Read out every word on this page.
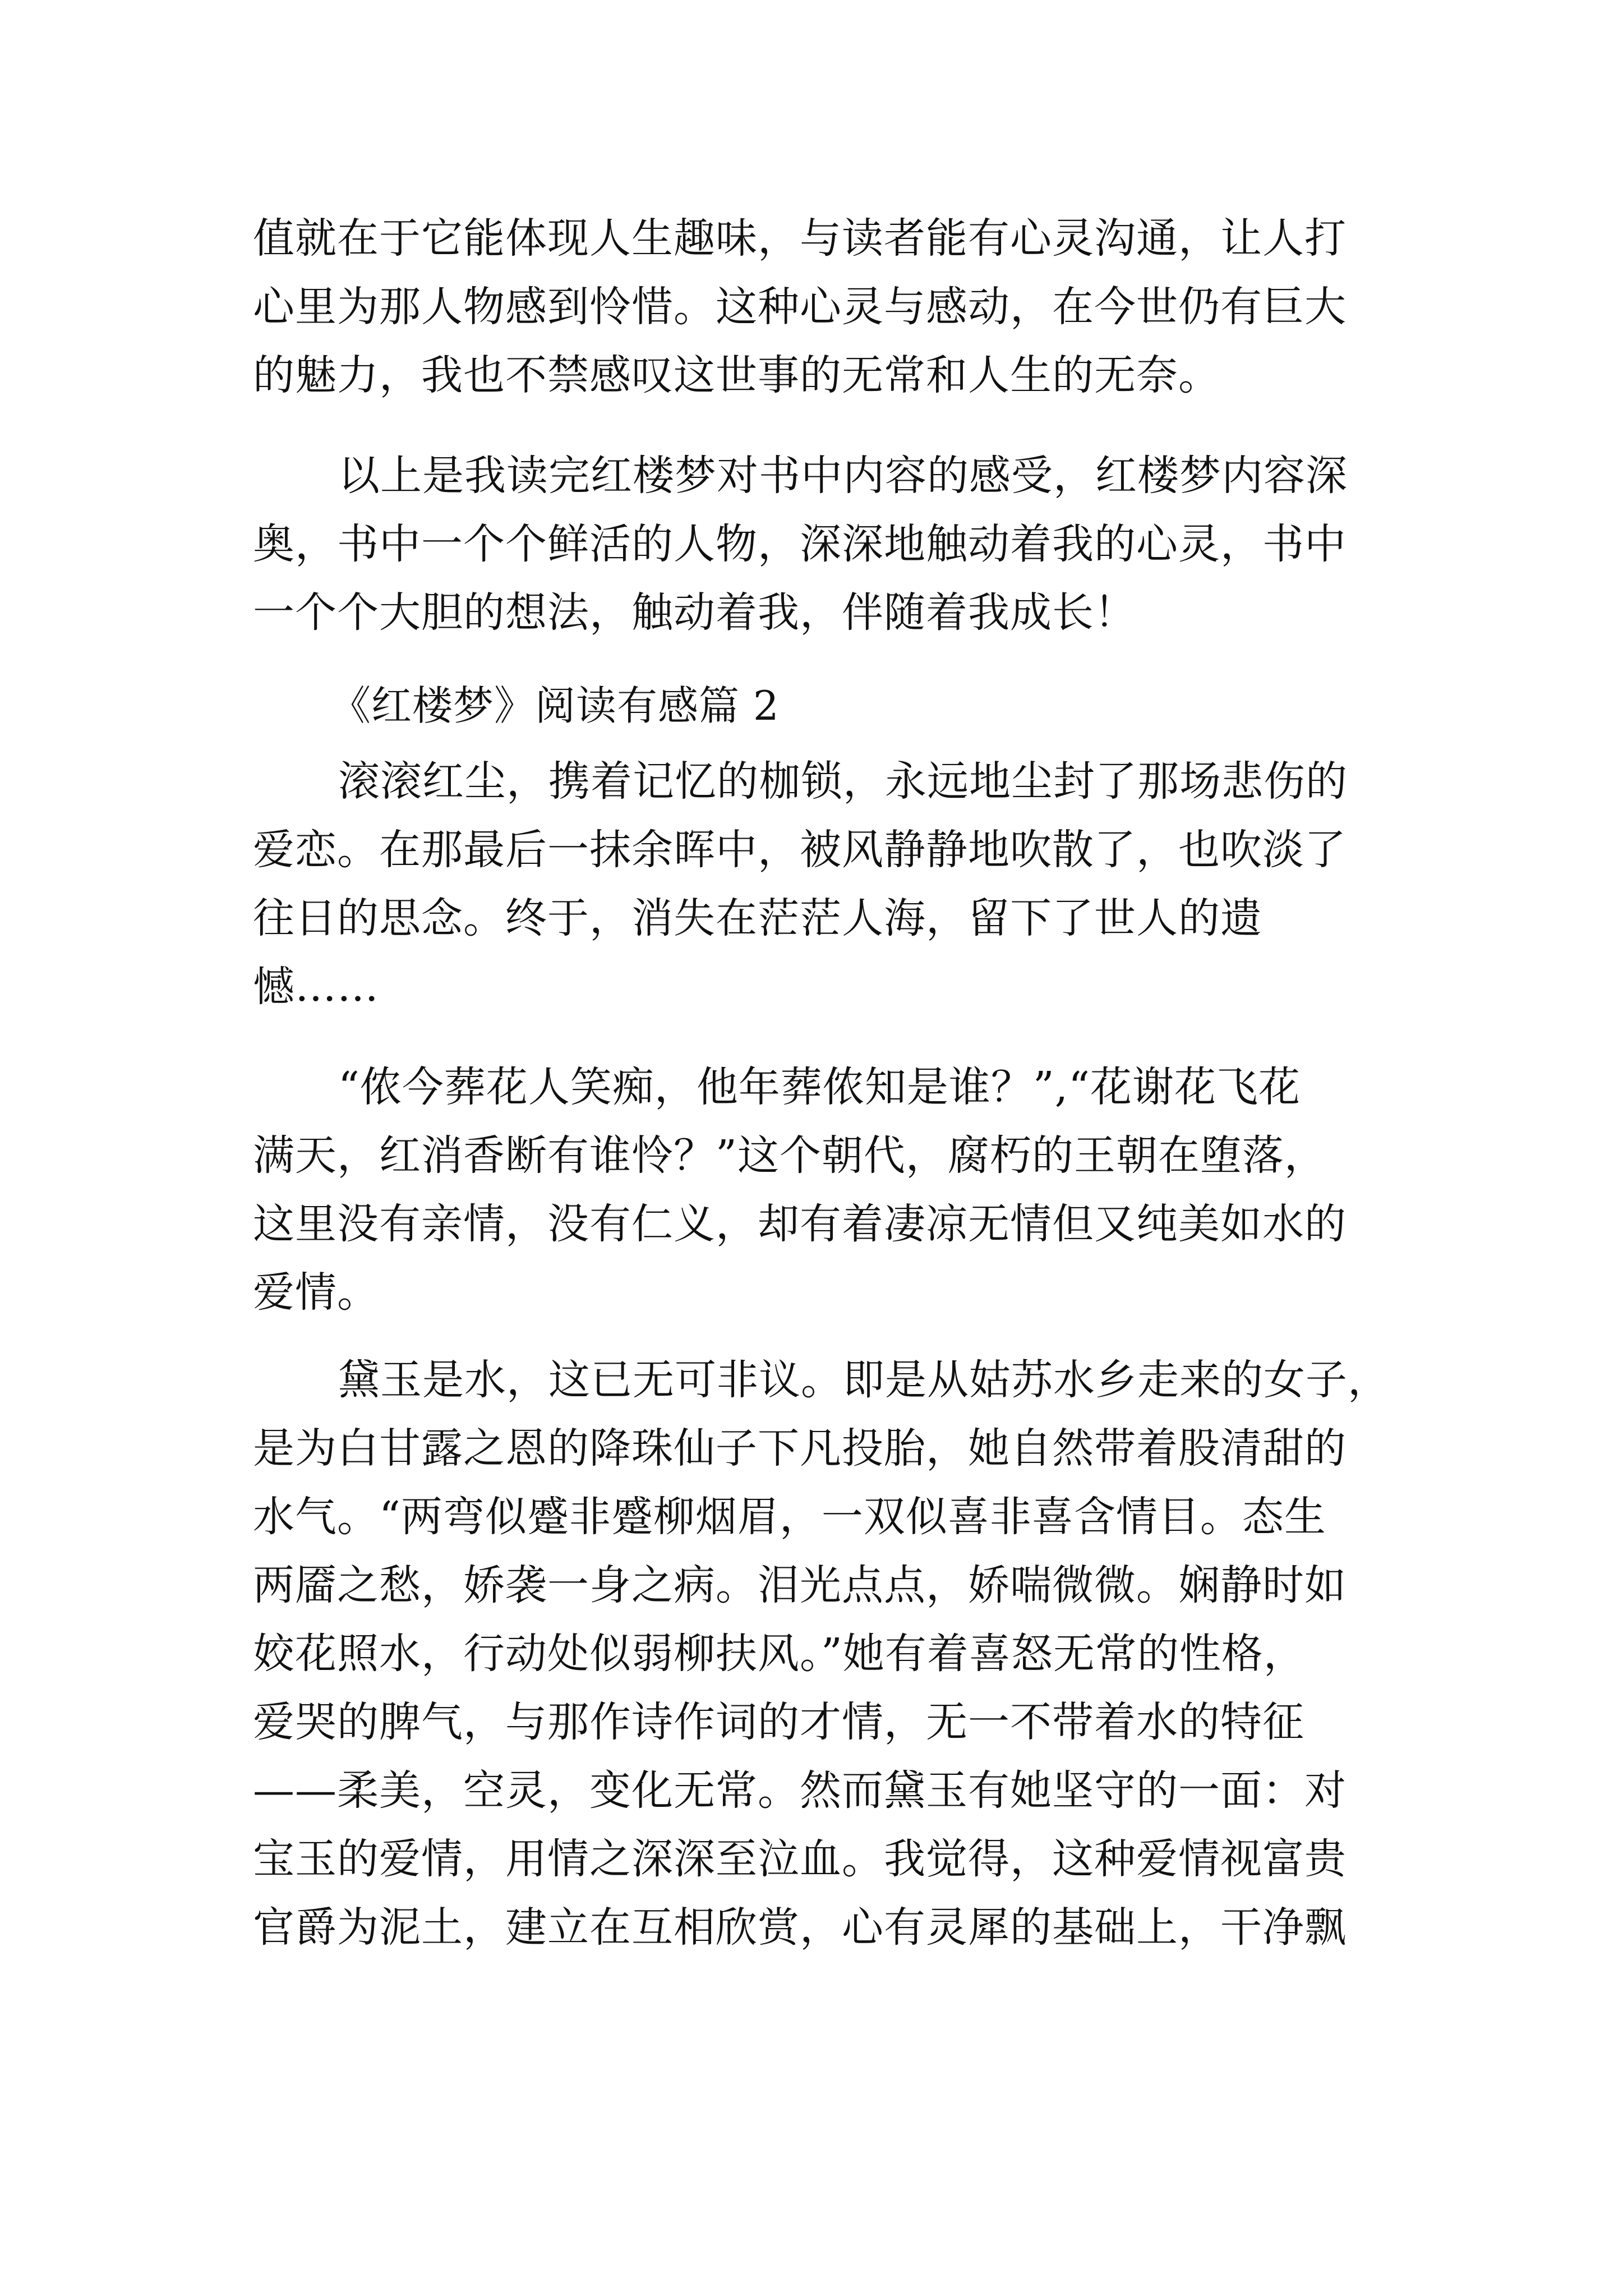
值就在于它能体现人生趣味，与读者能有心灵沟通，让人打
心里为那人物感到怜惜。这种心灵与感动，在今世仍有巨大
的魅力，我也不禁感叹这世事的无常和人生的无奈。
以上是我读完红楼梦对书中内容的感受，红楼梦内容深
奥，书中一个个鲜活的人物，深深地触动着我的心灵，书中
一个个大胆的想法，触动着我，伴随着我成长！
《红楼梦》阅读有感篇 2
滚滚红尘，携着记忆的枷锁，永远地尘封了那场悲伤的
爱恋。在那最后一抹余晖中，被风静静地吹散了，也吹淡了
往日的思念。终于，消失在茫茫人海，留下了世人的遗
憾……
“侬今葬花人笑痴，他年葬侬知是谁？”,“花谢花飞花
满天，红消香断有谁怜？”这个朝代，腐朽的王朝在堕落，
这里没有亲情，没有仁义，却有着凄凉无情但又纯美如水的
爱情。
黛玉是水，这已无可非议。即是从姑苏水乡走来的女子，
是为白甘露之恩的降珠仙子下凡投胎，她自然带着股清甜的
水气。“两弯似蹙非蹙柳烟眉，一双似喜非喜含情目。态生
两靥之愁，娇袭一身之病。泪光点点，娇喘微微。娴静时如
姣花照水，行动处似弱柳扶风。”她有着喜怒无常的性格，
爱哭的脾气，与那作诗作词的才情，无一不带着水的特征
——柔美，空灵，变化无常。然而黛玉有她坚守的一面：对
宝玉的爱情，用情之深深至泣血。我觉得，这种爱情视富贵
官爵为泥土，建立在互相欣赏，心有灵犀的基础上，干净飘
